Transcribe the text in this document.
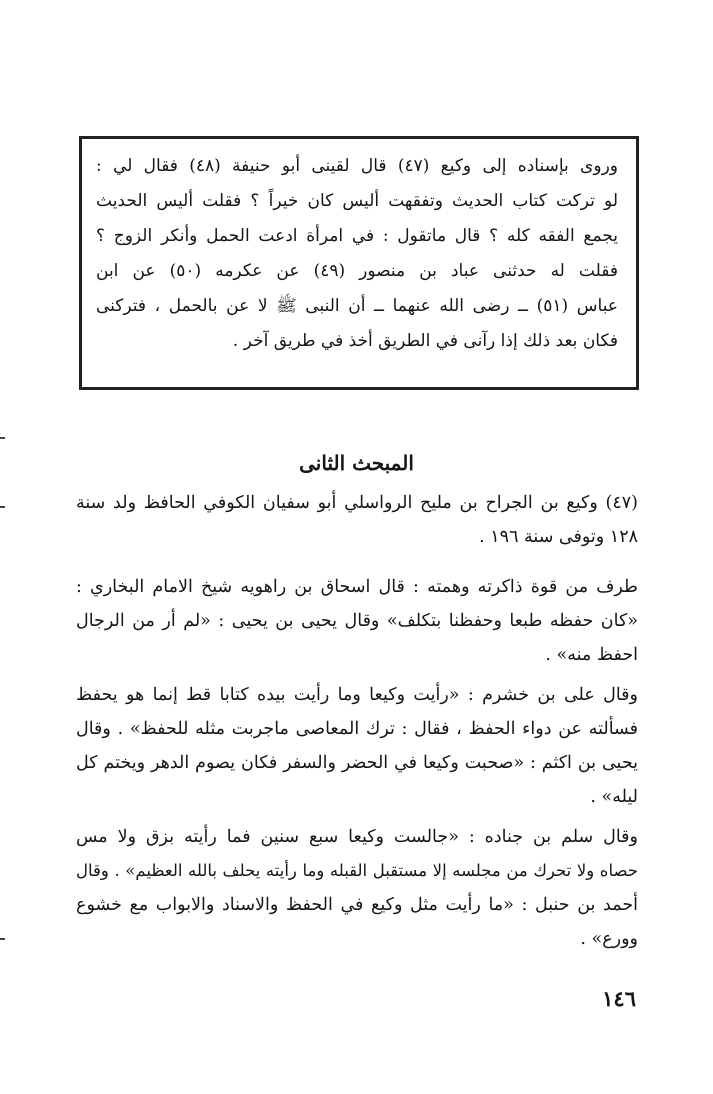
وروى بإسناده إلى وكيع (٤٧) قال لقينى أبو حنيفة (٤٨) فقال لي :
لو تركت كتاب الحديث وتفقهت أليس كان خيراً ؟ فقلت أليس الحديث
يجمع الفقه كله ؟ قال ماتقول : في امرأة ادعت الحمل وأنكر الزوج ؟
فقلت له حدثنى عباد بن منصور (٤٩) عن عكرمه (٥٠) عن ابن
عباس (٥١) ــ رضى الله عنهما ــ أن النبى ﷺ لا عن بالحمل ، فتركنى
فكان بعد ذلك إذا رآنى في الطريق أخذ في طريق آخر .
المبحث الثانى
(٤٧) وكيع بن الجراح بن مليح الرواسلي أبو سفيان الكوفي الحافظ ولد سنة
١٢٨ وتوفى سنة ١٩٦ .
طرف من قوة ذاكرته وهمته : قال اسحاق بن راهويه شيخ الامام البخاري :
«كان حفظه طبعا وحفظنا بتكلف» وقال يحيى بن يحيى : «لم أر من الرجال
احفظ منه» .
وقال على بن خشرم : «رأيت وكيعا وما رأيت بيده كتابا قط إنما هو يحفظ
فسألته عن دواء الحفظ ، فقال : ترك المعاصى ماجربت مثله للحفظ» . وقال
يحيى بن اكثم : «صحبت وكيعا في الحضر والسفر فكان يصوم الدهر ويختم كل
ليله» .
وقال سلم بن جناده : «جالست وكيعا سبع سنين فما رأيته بزق ولا مس
حصاه ولا تحرك من مجلسه إلا مستقبل القبله وما رأيته يحلف بالله العظيم» . وقال
أحمد بن حنبل : «ما رأيت مثل وكيع في الحفظ والاسناد والابواب مع خشوع
وورع» .
١٤٦
